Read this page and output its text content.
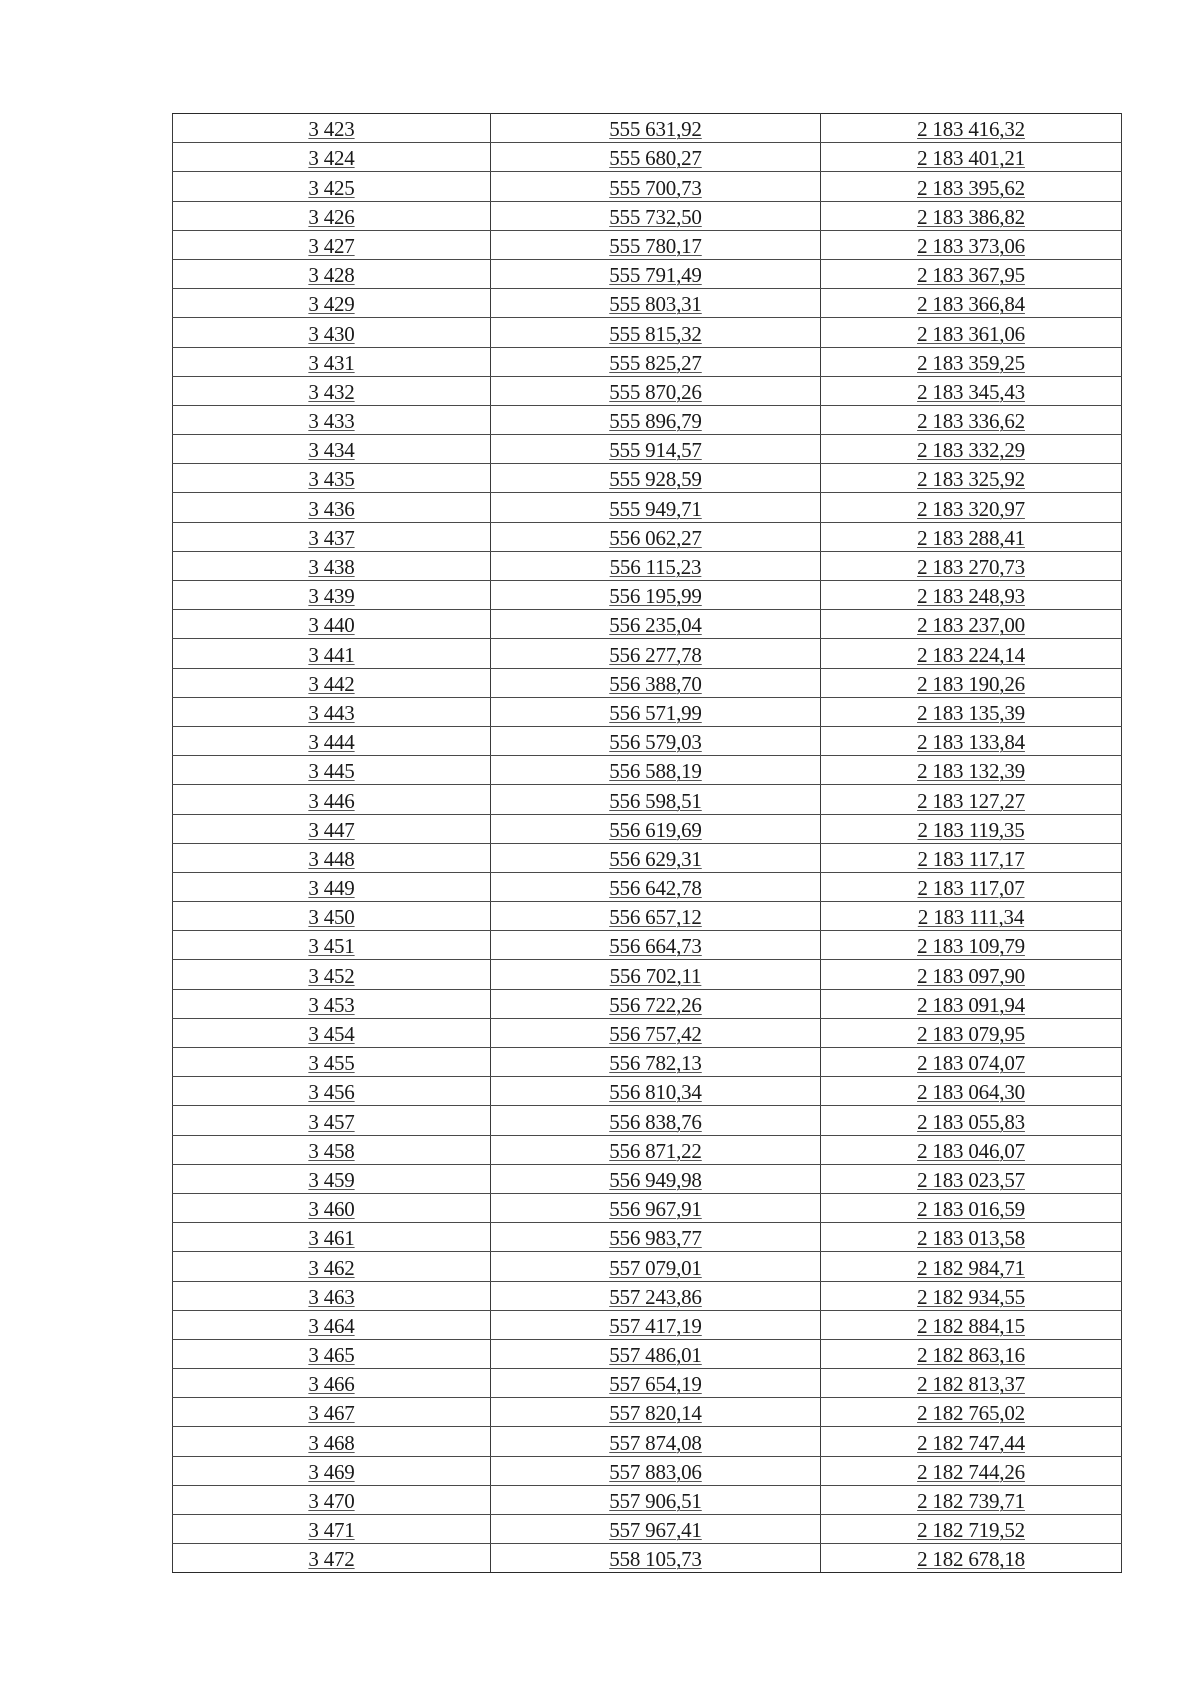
3 423	555 631,92	2 183 416,32
3 424	555 680,27	2 183 401,21
3 425	555 700,73	2 183 395,62
3 426	555 732,50	2 183 386,82
3 427	555 780,17	2 183 373,06
3 428	555 791,49	2 183 367,95
3 429	555 803,31	2 183 366,84
3 430	555 815,32	2 183 361,06
3 431	555 825,27	2 183 359,25
3 432	555 870,26	2 183 345,43
3 433	555 896,79	2 183 336,62
3 434	555 914,57	2 183 332,29
3 435	555 928,59	2 183 325,92
3 436	555 949,71	2 183 320,97
3 437	556 062,27	2 183 288,41
3 438	556 115,23	2 183 270,73
3 439	556 195,99	2 183 248,93
3 440	556 235,04	2 183 237,00
3 441	556 277,78	2 183 224,14
3 442	556 388,70	2 183 190,26
3 443	556 571,99	2 183 135,39
3 444	556 579,03	2 183 133,84
3 445	556 588,19	2 183 132,39
3 446	556 598,51	2 183 127,27
3 447	556 619,69	2 183 119,35
3 448	556 629,31	2 183 117,17
3 449	556 642,78	2 183 117,07
3 450	556 657,12	2 183 111,34
3 451	556 664,73	2 183 109,79
3 452	556 702,11	2 183 097,90
3 453	556 722,26	2 183 091,94
3 454	556 757,42	2 183 079,95
3 455	556 782,13	2 183 074,07
3 456	556 810,34	2 183 064,30
3 457	556 838,76	2 183 055,83
3 458	556 871,22	2 183 046,07
3 459	556 949,98	2 183 023,57
3 460	556 967,91	2 183 016,59
3 461	556 983,77	2 183 013,58
3 462	557 079,01	2 182 984,71
3 463	557 243,86	2 182 934,55
3 464	557 417,19	2 182 884,15
3 465	557 486,01	2 182 863,16
3 466	557 654,19	2 182 813,37
3 467	557 820,14	2 182 765,02
3 468	557 874,08	2 182 747,44
3 469	557 883,06	2 182 744,26
3 470	557 906,51	2 182 739,71
3 471	557 967,41	2 182 719,52
3 472	558 105,73	2 182 678,18
